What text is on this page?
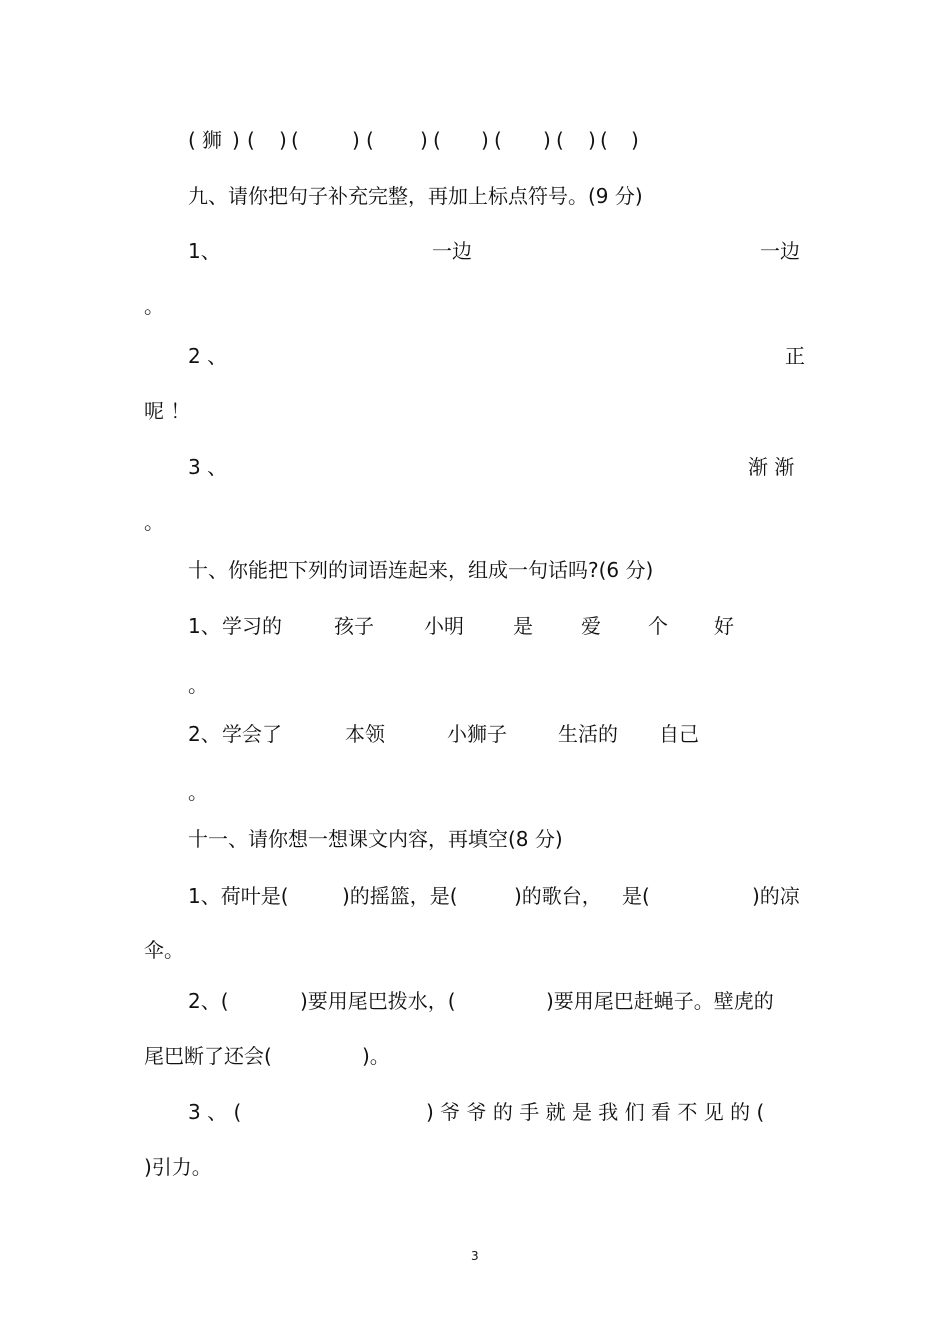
( 狮 ) ( ) (	) ( ) ( ) ( ) ( ) ( )
九、请你把句子补充完整，再加上标点符号。(9 分)
1、	一边	一边
。
2 、	正
呢 ！
3 、	渐 渐
。
十、你能把下列的词语连起来，组成一句话吗?(6 分)
1、 学习的	孩子	小明 是 爱 个 好
。
2、 学会了	本领	小狮子	生活的 自己
。
十一、请你想一想课文内容，再填空(8 分)
1、荷叶是(	)的摇篮，是(	)的歌台， 是(	)的凉
伞。
2、(	)要用尾巴拨水，(	)要用尾巴赶蝇子。壁虎的
尾巴断了还会(	)。
3 、 (	) 爷 爷 的 手 就 是 我 们 看 不 见 的 (
)引力。
3
